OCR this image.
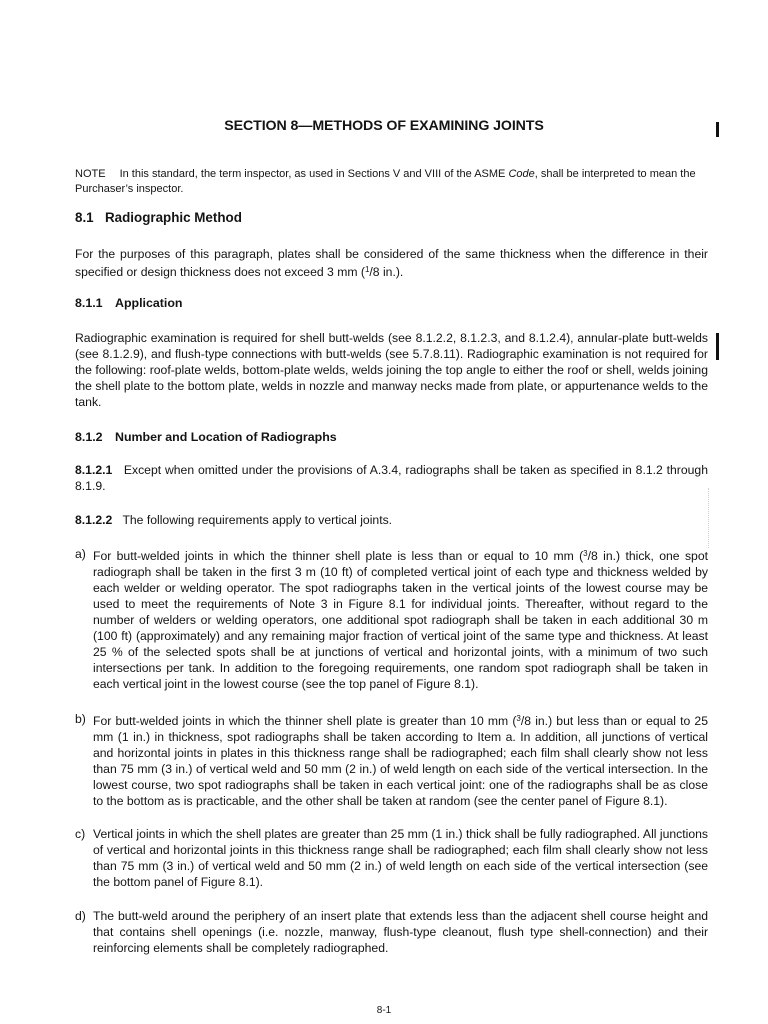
SECTION 8—METHODS OF EXAMINING JOINTS
NOTE In this standard, the term inspector, as used in Sections V and VIII of the ASME Code, shall be interpreted to mean the Purchaser’s inspector.
8.1 Radiographic Method
For the purposes of this paragraph, plates shall be considered of the same thickness when the difference in their specified or design thickness does not exceed 3 mm ($^1$/8 in.).
8.1.1 Application
Radiographic examination is required for shell butt-welds (see 8.1.2.2, 8.1.2.3, and 8.1.2.4), annular-plate butt-welds (see 8.1.2.9), and flush-type connections with butt-welds (see 5.7.8.11). Radiographic examination is not required for the following: roof-plate welds, bottom-plate welds, welds joining the top angle to either the roof or shell, welds joining the shell plate to the bottom plate, welds in nozzle and manway necks made from plate, or appurtenance welds to the tank.
8.1.2 Number and Location of Radiographs
8.1.2.1 Except when omitted under the provisions of A.3.4, radiographs shall be taken as specified in 8.1.2 through 8.1.9.
8.1.2.2 The following requirements apply to vertical joints.
a) For butt-welded joints in which the thinner shell plate is less than or equal to 10 mm ($^3$/8 in.) thick, one spot radiograph shall be taken in the first 3 m (10 ft) of completed vertical joint of each type and thickness welded by each welder or welding operator. The spot radiographs taken in the vertical joints of the lowest course may be used to meet the requirements of Note 3 in Figure 8.1 for individual joints. Thereafter, without regard to the number of welders or welding operators, one additional spot radiograph shall be taken in each additional 30 m (100 ft) (approximately) and any remaining major fraction of vertical joint of the same type and thickness. At least 25 % of the selected spots shall be at junctions of vertical and horizontal joints, with a minimum of two such intersections per tank. In addition to the foregoing requirements, one random spot radiograph shall be taken in each vertical joint in the lowest course (see the top panel of Figure 8.1).
b) For butt-welded joints in which the thinner shell plate is greater than 10 mm ($^3$/8 in.) but less than or equal to 25 mm (1 in.) in thickness, spot radiographs shall be taken according to Item a. In addition, all junctions of vertical and horizontal joints in plates in this thickness range shall be radiographed; each film shall clearly show not less than 75 mm (3 in.) of vertical weld and 50 mm (2 in.) of weld length on each side of the vertical intersection. In the lowest course, two spot radiographs shall be taken in each vertical joint: one of the radiographs shall be as close to the bottom as is practicable, and the other shall be taken at random (see the center panel of Figure 8.1).
c) Vertical joints in which the shell plates are greater than 25 mm (1 in.) thick shall be fully radiographed. All junctions of vertical and horizontal joints in this thickness range shall be radiographed; each film shall clearly show not less than 75 mm (3 in.) of vertical weld and 50 mm (2 in.) of weld length on each side of the vertical intersection (see the bottom panel of Figure 8.1).
d) The butt-weld around the periphery of an insert plate that extends less than the adjacent shell course height and that contains shell openings (i.e. nozzle, manway, flush-type cleanout, flush type shell-connection) and their reinforcing elements shall be completely radiographed.
8-1
